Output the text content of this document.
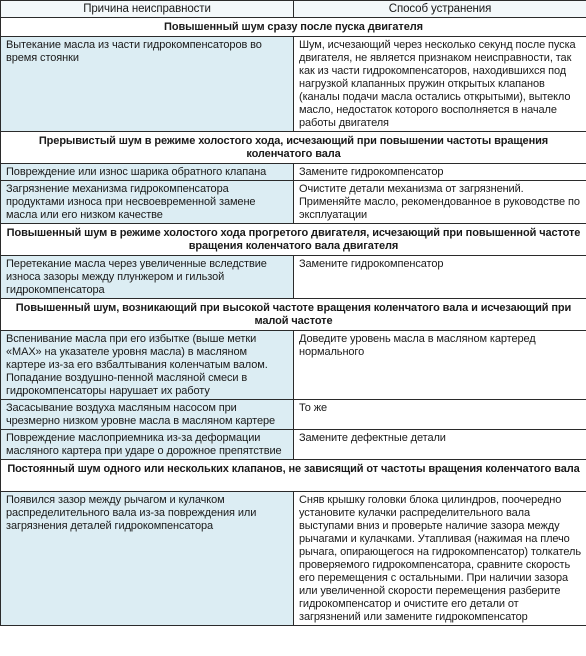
Причина неисправности	Способ устранения
Повышенный шум сразу после пуска двигателя	
Вытекание масла из части гидрокомпенсаторов во время стоянки	Шум, исчезающий через несколько секунд после пуска двигателя, не является признаком неисправности, так как из части гидрокомпенсаторов, находившихся под нагрузкой клапанных пружин открытых клапанов (каналы подачи масла остались открытыми), вытекло масло, недостаток которого восполняется в начале работы двигателя
Прерывистый шум в режиме холостого хода, исчезающий при повышении частоты вращения коленчатого вала	
Повреждение или износ шарика обратного клапана	Замените гидрокомпенсатор
Загрязнение механизма гидрокомпенсатора продуктами износа при несвоевременной замене масла или его низком качестве	Очистите детали механизма от загрязнений. Применяйте масло, рекомендованное в руководстве по эксплуатации
Повышенный шум в режиме холостого хода прогретого двигателя, исчезающий при повышенной частоте вращения коленчатого вала двигателя	
Перетекание масла через увеличенные вследствие износа зазоры между плунжером и гильзой гидрокомпенсатора	Замените гидрокомпенсатор
Повышенный шум, возникающий при высокой частоте вращения коленчатого вала и исчезающий при малой частоте	
Вспенивание масла при его избытке (выше метки «MAX» на указателе уровня масла) в масляном картере из-за его взбалтывания коленчатым валом. Попадание воздушно-пенной масляной смеси в гидрокомпенсаторы нарушает их работу	Доведите уровень масла в масляном картеред нормального
Засасывание воздуха масляным насосом при чрезмерно низком уровне масла в масляном картере	То же
Повреждение маслоприемника из-за деформации масляного картера при ударе о дорожное препятствие	Замените дефектные детали
Постоянный шум одного или нескольких клапанов, не зависящий от частоты вращения коленчатого вала	
Появился зазор между рычагом и кулачком распределительного вала из-за повреждения или загрязнения деталей гидрокомпенсатора	Сняв крышку головки блока цилиндров, поочередно установите кулачки распределительного вала выступами вниз и проверьте наличие зазора между рычагами и кулачками. Утапливая (нажимая на плечо рычага, опирающегося на гидрокомпенсатор) толкатель проверяемого гидрокомпенсатора, сравните скорость его перемещения с остальными. При наличии зазора или увеличенной скорости перемещения разберите гидрокомпенсатор и очистите его детали от загрязнений или замените гидрокомпенсатор
